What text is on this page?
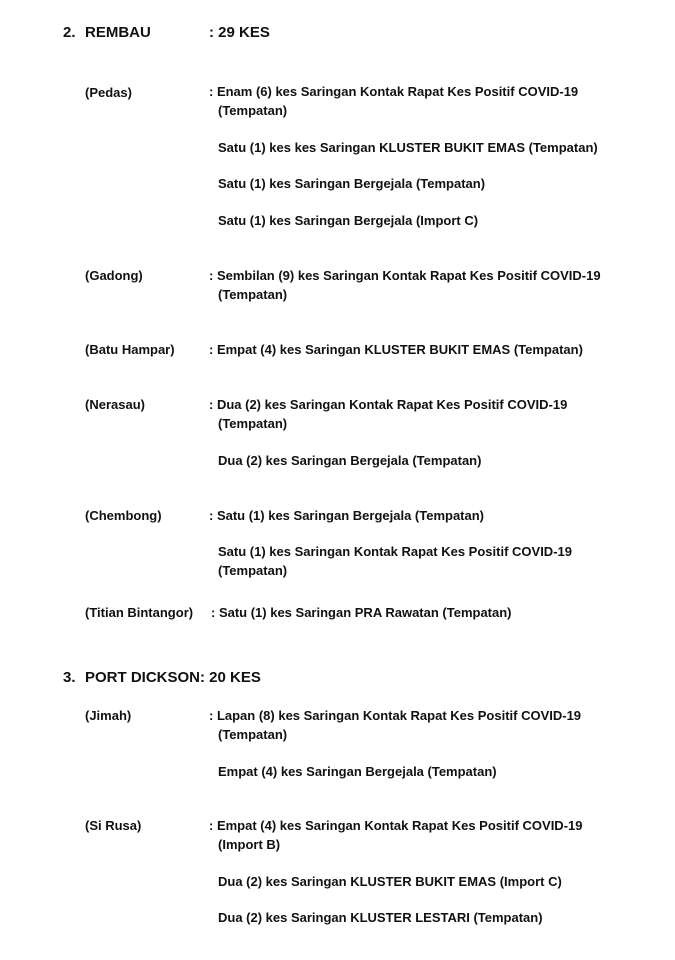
2. REMBAU	: 29 KES
(Pedas)	: Enam (6) kes Saringan Kontak Rapat Kes Positif COVID-19
(Tempatan)
Satu (1) kes kes Saringan KLUSTER BUKIT EMAS (Tempatan)
Satu (1) kes Saringan Bergejala (Tempatan)
Satu (1) kes Saringan Bergejala (Import C)
(Gadong)	: Sembilan (9) kes Saringan Kontak Rapat Kes Positif COVID-19
(Tempatan)
(Batu Hampar)	: Empat (4) kes Saringan KLUSTER BUKIT EMAS (Tempatan)
(Nerasau)	: Dua (2) kes Saringan Kontak Rapat Kes Positif COVID-19
(Tempatan)
Dua (2) kes Saringan Bergejala (Tempatan)
(Chembong)	: Satu (1) kes Saringan Bergejala (Tempatan)
Satu (1) kes Saringan Kontak Rapat Kes Positif COVID-19
(Tempatan)
(Titian Bintangor) : Satu (1) kes Saringan PRA Rawatan (Tempatan)
3. PORT DICKSON: 20 KES
(Jimah)	: Lapan (8) kes Saringan Kontak Rapat Kes Positif COVID-19
(Tempatan)
Empat (4) kes Saringan Bergejala (Tempatan)
(Si Rusa)	: Empat (4) kes Saringan Kontak Rapat Kes Positif COVID-19
(Import B)
Dua (2) kes Saringan KLUSTER BUKIT EMAS (Import C)
Dua (2) kes Saringan KLUSTER LESTARI (Tempatan)
